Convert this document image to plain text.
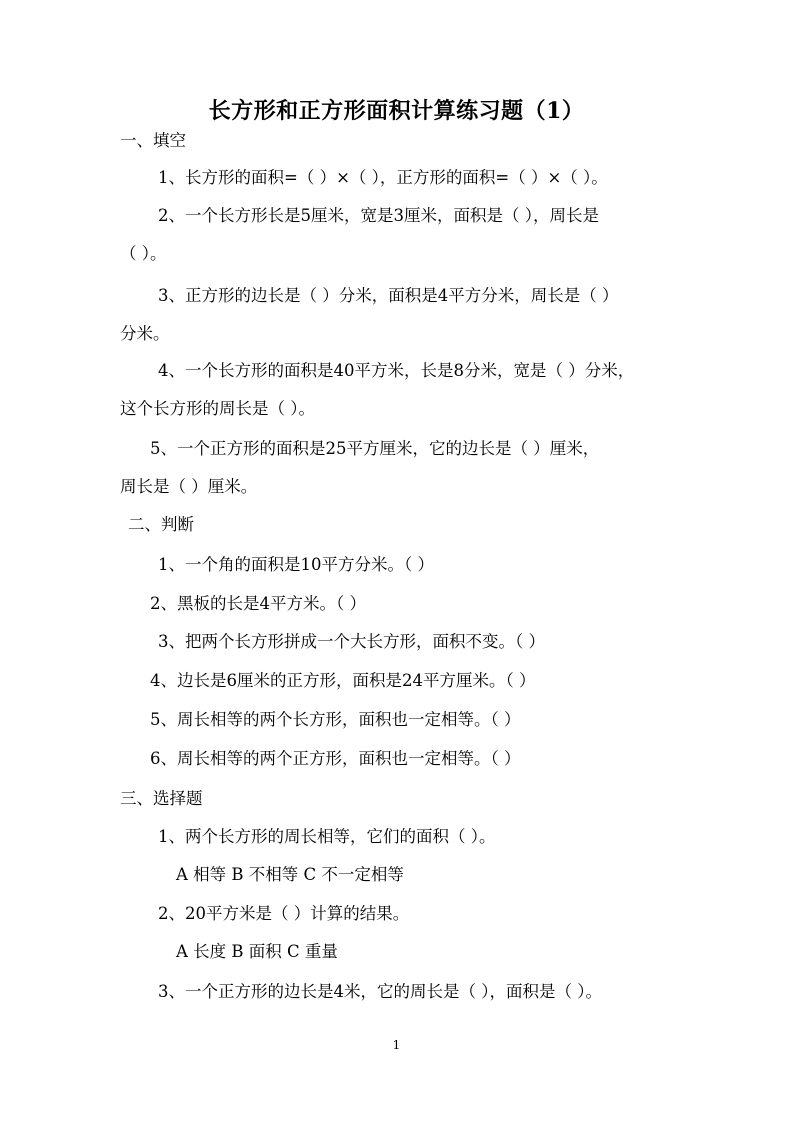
长方形和正方形面积计算练习题（1）
一、填空
1、长方形的面积=（ ）×（ ），正方形的面积=（ ）×（ ）。
2、一个长方形长是5厘米，宽是3厘米，面积是（ ），周长是
（ ）。
3、正方形的边长是（ ）分米，面积是4平方分米，周长是（ ）
分米。
4、一个长方形的面积是40平方米，长是8分米，宽是（ ）分米，
这个长方形的周长是（ ）。
5、一个正方形的面积是25平方厘米，它的边长是（ ）厘米，
周长是（ ）厘米。
二、判断
1、一个角的面积是10平方分米。（ ）
2、黑板的长是4平方米。（ ）
3、把两个长方形拼成一个大长方形，面积不变。（ ）
4、边长是6厘米的正方形，面积是24平方厘米。（ ）
5、周长相等的两个长方形，面积也一定相等。（ ）
6、周长相等的两个正方形，面积也一定相等。（ ）
三、选择题
1、两个长方形的周长相等，它们的面积（ ）。
A 相等 B 不相等 C 不一定相等
2、20平方米是（ ）计算的结果。
A 长度 B 面积 C 重量
3、一个正方形的边长是4米，它的周长是（ ），面积是（ ）。
1
